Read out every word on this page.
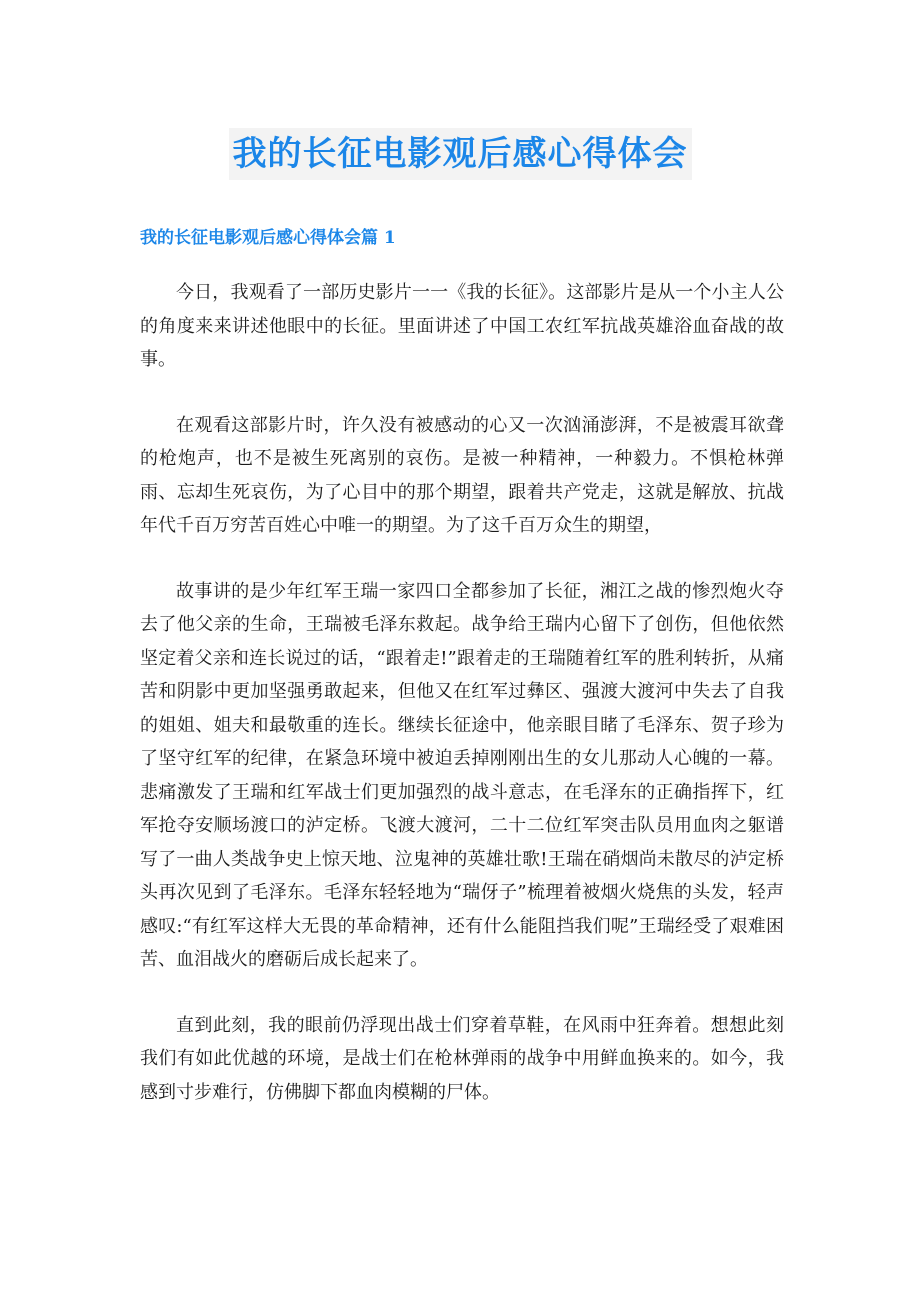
我的长征电影观后感心得体会
我的长征电影观后感心得体会篇 1

今日，我观看了一部历史影片一一《我的长征》。这部影片是从一个小主人公的角度来来讲述他眼中的长征。里面讲述了中国工农红军抗战英雄浴血奋战的故事。

在观看这部影片时，许久没有被感动的心又一次汹涌澎湃，不是被震耳欲聋的枪炮声，也不是被生死离别的哀伤。是被一种精神，一种毅力。不惧枪林弹雨、忘却生死哀伤，为了心目中的那个期望，跟着共产党走，这就是解放、抗战年代千百万穷苦百姓心中唯一的期望。为了这千百万众生的期望，

故事讲的是少年红军王瑞一家四口全都参加了长征，湘江之战的惨烈炮火夺去了他父亲的生命，王瑞被毛泽东救起。战争给王瑞内心留下了创伤，但他依然坚定着父亲和连长说过的话，“跟着走!”跟着走的王瑞随着红军的胜利转折，从痛苦和阴影中更加坚强勇敢起来，但他又在红军过彝区、强渡大渡河中失去了自我的姐姐、姐夫和最敬重的连长。继续长征途中，他亲眼目睹了毛泽东、贺子珍为了坚守红军的纪律，在紧急环境中被迫丢掉刚刚出生的女儿那动人心魄的一幕。悲痛激发了王瑞和红军战士们更加强烈的战斗意志，在毛泽东的正确指挥下，红军抢夺安顺场渡口的泸定桥。飞渡大渡河，二十二位红军突击队员用血肉之躯谱写了一曲人类战争史上惊天地、泣鬼神的英雄壮歌!王瑞在硝烟尚未散尽的泸定桥头再次见到了毛泽东。毛泽东轻轻地为“瑞伢子”梳理着被烟火烧焦的头发，轻声感叹:“有红军这样大无畏的革命精神，还有什么能阻挡我们呢”王瑞经受了艰难困苦、血泪战火的磨砺后成长起来了。

直到此刻，我的眼前仍浮现出战士们穿着草鞋，在风雨中狂奔着。想想此刻我们有如此优越的环境，是战士们在枪林弹雨的战争中用鲜血换来的。如今，我感到寸步难行，仿佛脚下都血肉模糊的尸体。
